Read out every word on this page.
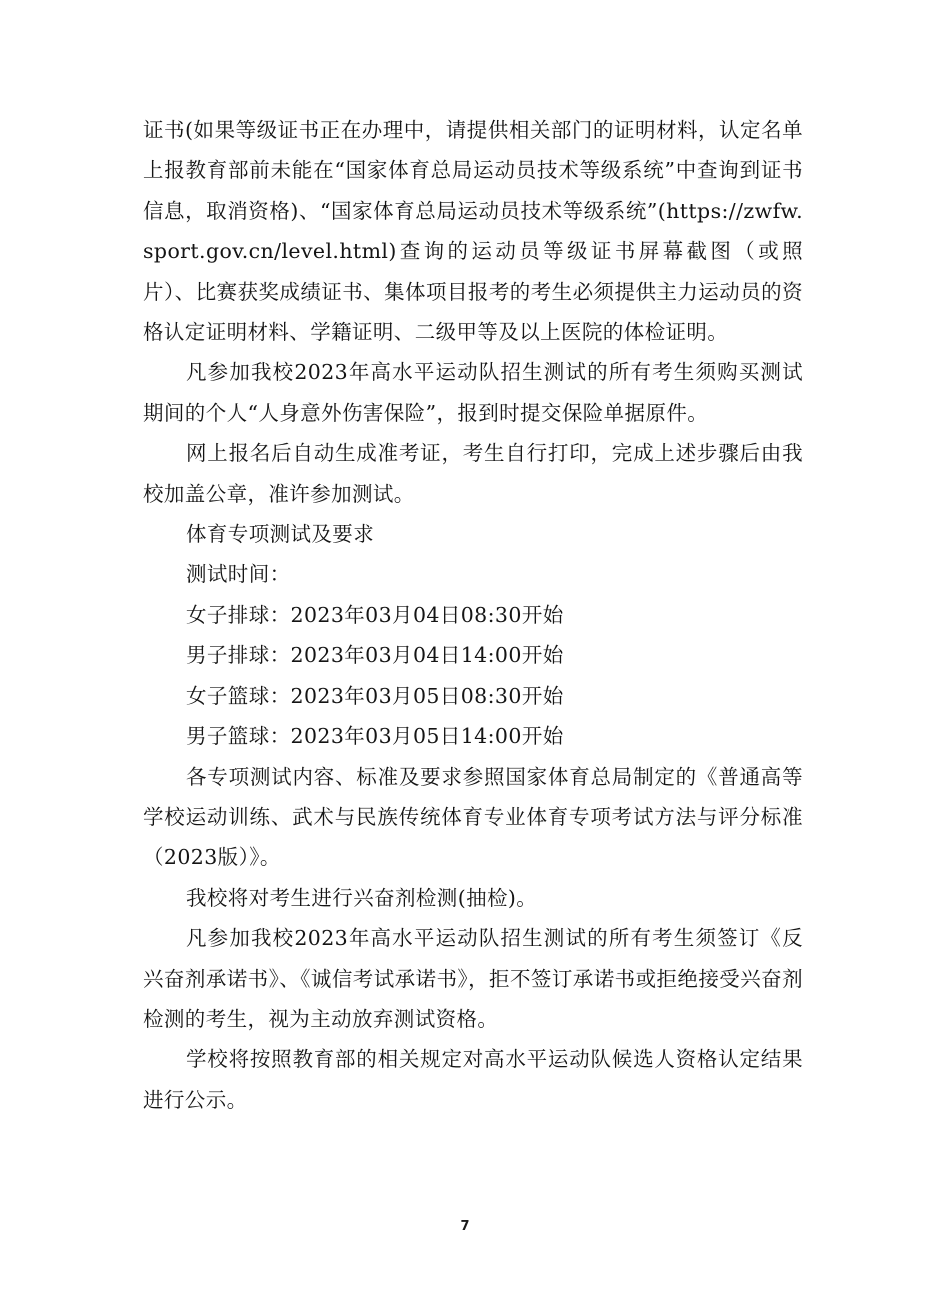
证书(如果等级证书正在办理中，请提供相关部门的证明材料，认定名单上报教育部前未能在“国家体育总局运动员技术等级系统”中查询到证书信息，取消资格)、“国家体育总局运动员技术等级系统”(https://zwfw.sport.gov.cn/level.html)查询的运动员等级证书屏幕截图（或照片）、比赛获奖成绩证书、集体项目报考的考生必须提供主力运动员的资格认定证明材料、学籍证明、二级甲等及以上医院的体检证明。

凡参加我校2023年高水平运动队招生测试的所有考生须购买测试期间的个人“人身意外伤害保险”，报到时提交保险单据原件。

网上报名后自动生成准考证，考生自行打印，完成上述步骤后由我校加盖公章，准许参加测试。

体育专项测试及要求

测试时间：

女子排球：2023年03月04日08:30开始

男子排球：2023年03月04日14:00开始

女子篮球：2023年03月05日08:30开始

男子篮球：2023年03月05日14:00开始

各专项测试内容、标准及要求参照国家体育总局制定的《普通高等学校运动训练、武术与民族传统体育专业体育专项考试方法与评分标准（2023版）》。

我校将对考生进行兴奋剂检测(抽检)。

凡参加我校2023年高水平运动队招生测试的所有考生须签订《反兴奋剂承诺书》、《诚信考试承诺书》，拒不签订承诺书或拒绝接受兴奋剂检测的考生，视为主动放弃测试资格。

学校将按照教育部的相关规定对高水平运动队候选人资格认定结果进行公示。

7
